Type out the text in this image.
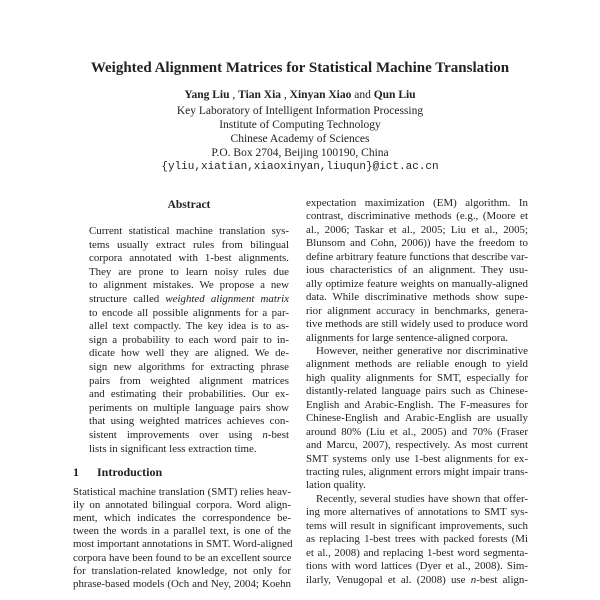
Weighted Alignment Matrices for Statistical Machine Translation
Yang Liu , Tian Xia , Xinyan Xiao and Qun Liu
Key Laboratory of Intelligent Information Processing
Institute of Computing Technology
Chinese Academy of Sciences
P.O. Box 2704, Beijing 100190, China
{yliu,xiatian,xiaoxinyan,liuqun}@ict.ac.cn
Abstract
Current statistical machine translation sys-
tems usually extract rules from bilingual
corpora annotated with 1-best alignments.
They are prone to learn noisy rules due
to alignment mistakes. We propose a new
structure called weighted alignment matrix
to encode all possible alignments for a par-
allel text compactly. The key idea is to as-
sign a probability to each word pair to in-
dicate how well they are aligned. We de-
sign new algorithms for extracting phrase
pairs from weighted alignment matrices
and estimating their probabilities. Our ex-
periments on multiple language pairs show
that using weighted matrices achieves con-
sistent improvements over using n-best
lists in significant less extraction time.
1 Introduction
Statistical machine translation (SMT) relies heav-
ily on annotated bilingual corpora. Word align-
ment, which indicates the correspondence be-
tween the words in a parallel text, is one of the
most important annotations in SMT. Word-aligned
corpora have been found to be an excellent source
for translation-related knowledge, not only for
phrase-based models (Och and Ney, 2004; Koehn
expectation maximization (EM) algorithm. In
contrast, discriminative methods (e.g., (Moore et
al., 2006; Taskar et al., 2005; Liu et al., 2005;
Blunsom and Cohn, 2006)) have the freedom to
define arbitrary feature functions that describe var-
ious characteristics of an alignment. They usu-
ally optimize feature weights on manually-aligned
data. While discriminative methods show supe-
rior alignment accuracy in benchmarks, genera-
tive methods are still widely used to produce word
alignments for large sentence-aligned corpora.
However, neither generative nor discriminative
alignment methods are reliable enough to yield
high quality alignments for SMT, especially for
distantly-related language pairs such as Chinese-
English and Arabic-English. The F-measures for
Chinese-English and Arabic-English are usually
around 80% (Liu et al., 2005) and 70% (Fraser
and Marcu, 2007), respectively. As most current
SMT systems only use 1-best alignments for ex-
tracting rules, alignment errors might impair trans-
lation quality.
Recently, several studies have shown that offer-
ing more alternatives of annotations to SMT sys-
tems will result in significant improvements, such
as replacing 1-best trees with packed forests (Mi
et al., 2008) and replacing 1-best word segmenta-
tions with word lattices (Dyer et al., 2008). Sim-
ilarly, Venugopal et al. (2008) use n-best align-
